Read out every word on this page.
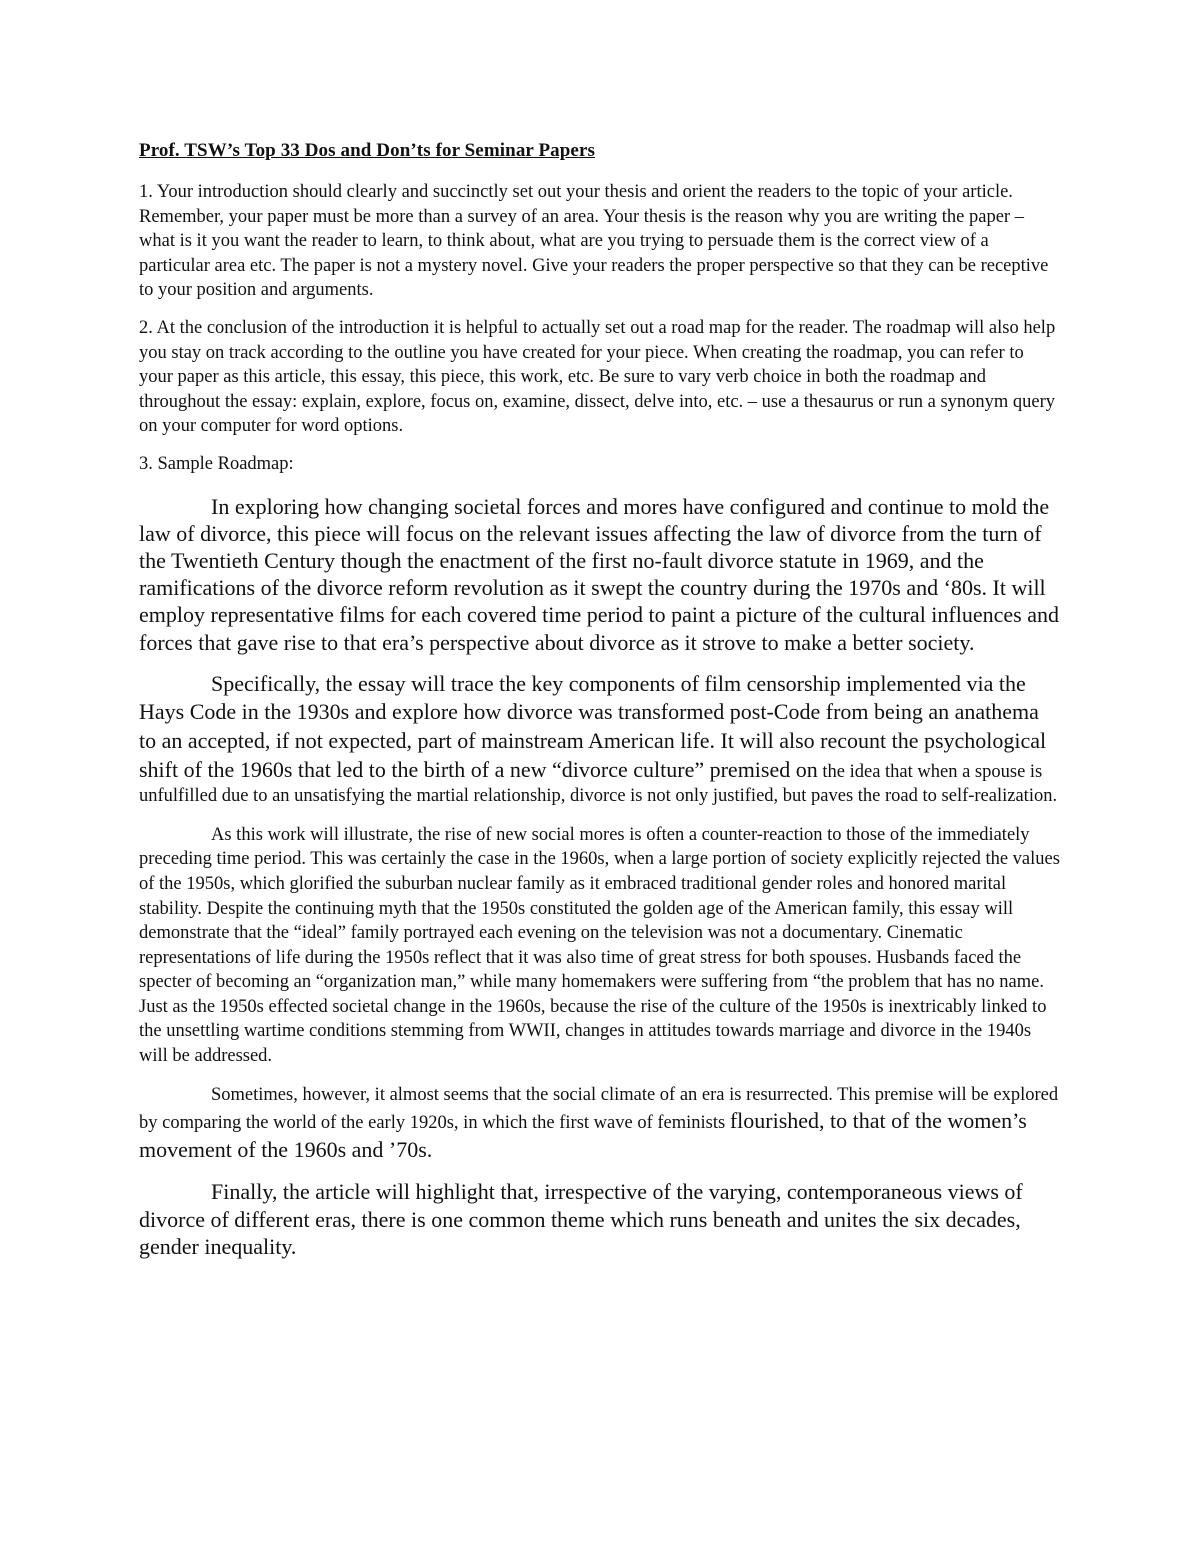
Prof. TSW’s Top 33 Dos and Don’ts for Seminar Papers

1. Your introduction should clearly and succinctly set out your thesis and orient the readers to the topic of your article. Remember, your paper must be more than a survey of an area. Your thesis is the reason why you are writing the paper – what is it you want the reader to learn, to think about, what are you trying to persuade them is the correct view of a particular area etc. The paper is not a mystery novel. Give your readers the proper perspective so that they can be receptive to your position and arguments.

2. At the conclusion of the introduction it is helpful to actually set out a road map for the reader. The roadmap will also help you stay on track according to the outline you have created for your piece. When creating the roadmap, you can refer to your paper as this article, this essay, this piece, this work, etc. Be sure to vary verb choice in both the roadmap and throughout the essay: explain, explore, focus on, examine, dissect, delve into, etc. – use a thesaurus or run a synonym query on your computer for word options.

3. Sample Roadmap:

In exploring how changing societal forces and mores have configured and continue to mold the law of divorce, this piece will focus on the relevant issues affecting the law of divorce from the turn of the Twentieth Century though the enactment of the first no-fault divorce statute in 1969, and the ramifications of the divorce reform revolution as it swept the country during the 1970s and ‘80s. It will employ representative films for each covered time period to paint a picture of the cultural influences and forces that gave rise to that era’s perspective about divorce as it strove to make a better society.

Specifically, the essay will trace the key components of film censorship implemented via the Hays Code in the 1930s and explore how divorce was transformed post-Code from being an anathema to an accepted, if not expected, part of mainstream American life. It will also recount the psychological shift of the 1960s that led to the birth of a new “divorce culture” premised on the idea that when a spouse is unfulfilled due to an unsatisfying the martial relationship, divorce is not only justified, but paves the road to self-realization.

As this work will illustrate, the rise of new social mores is often a counter-reaction to those of the immediately preceding time period. This was certainly the case in the 1960s, when a large portion of society explicitly rejected the values of the 1950s, which glorified the suburban nuclear family as it embraced traditional gender roles and honored marital stability. Despite the continuing myth that the 1950s constituted the golden age of the American family, this essay will demonstrate that the “ideal” family portrayed each evening on the television was not a documentary. Cinematic representations of life during the 1950s reflect that it was also time of great stress for both spouses. Husbands faced the specter of becoming an “organization man,” while many homemakers were suffering from “the problem that has no name. Just as the 1950s effected societal change in the 1960s, because the rise of the culture of the 1950s is inextricably linked to the unsettling wartime conditions stemming from WWII, changes in attitudes towards marriage and divorce in the 1940s will be addressed.

Sometimes, however, it almost seems that the social climate of an era is resurrected. This premise will be explored by comparing the world of the early 1920s, in which the first wave of feminists flourished, to that of the women’s movement of the 1960s and ’70s.

Finally, the article will highlight that, irrespective of the varying, contemporaneous views of divorce of different eras, there is one common theme which runs beneath and unites the six decades, gender inequality.
